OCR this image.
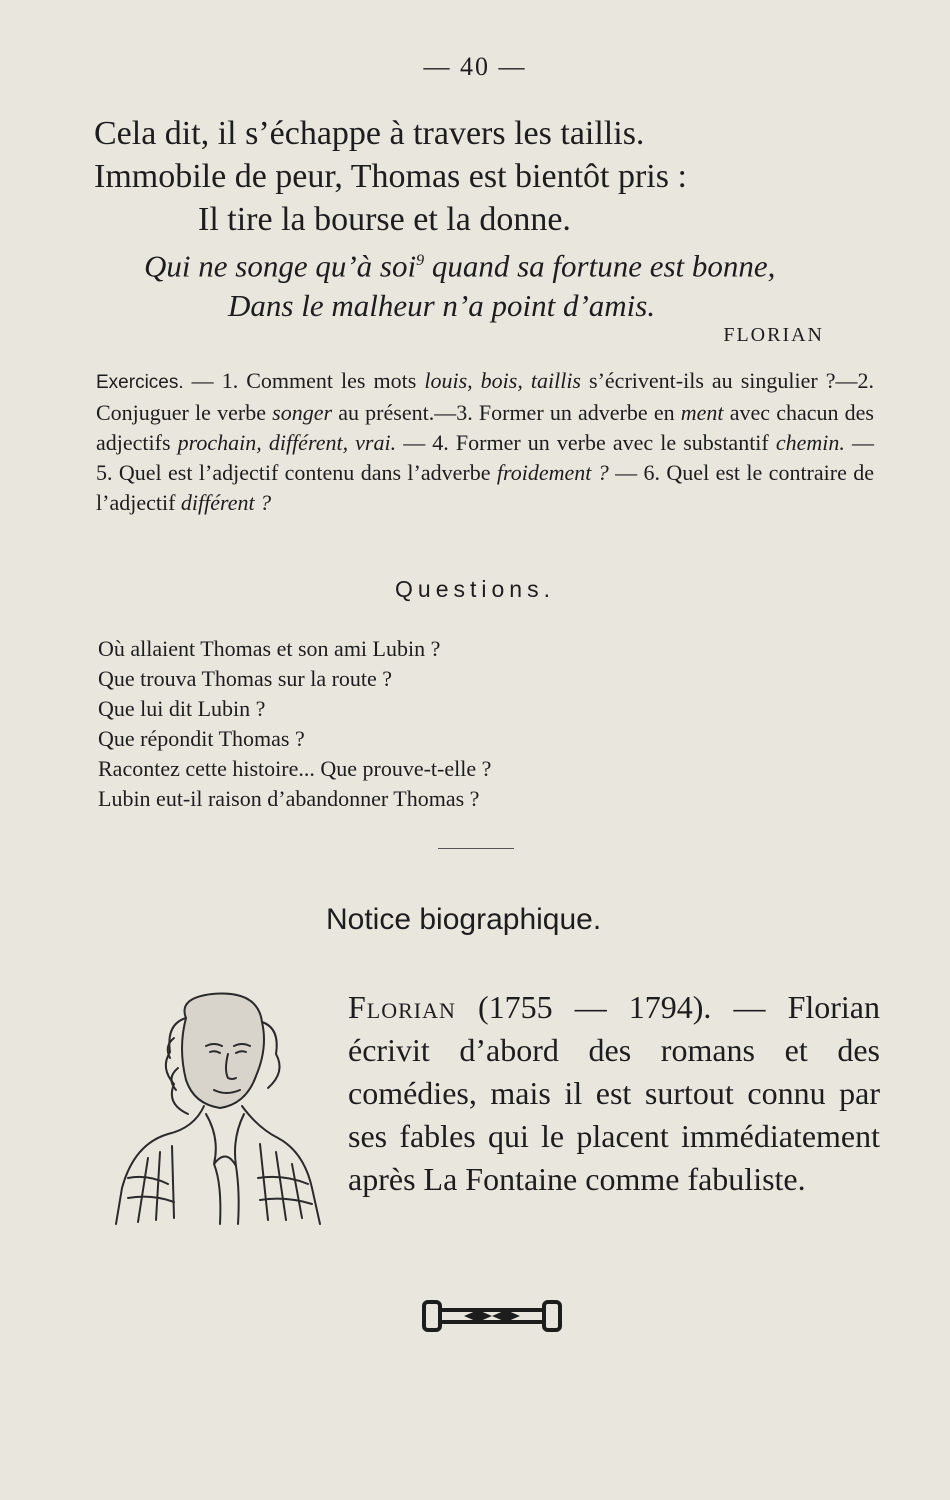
— 40 —
Cela dit, il s’échappe à travers les taillis.
Immobile de peur, Thomas est bientôt pris :
Il tire la bourse et la donne.
Qui ne songe qu’à soi$^9$ quand sa fortune est bonne,
Dans le malheur n’a point d’amis.
FLORIAN
Exercices. — 1. Comment les mots louis, bois, taillis s’écrivent-ils au singulier ?—2. Conjuguer le verbe songer au présent.—3. Former un adverbe en ment avec chacun des adjectifs prochain, différent, vrai. — 4. Former un verbe avec le substantif chemin. — 5. Quel est l’adjectif contenu dans l’adverbe froidement ? — 6. Quel est le contraire de l’adjectif différent ?
Questions.
Où allaient Thomas et son ami Lubin ?
Que trouva Thomas sur la route ?
Que lui dit Lubin ?
Que répondit Thomas ?
Racontez cette histoire... Que prouve-t-elle ?
Lubin eut-il raison d’abandonner Thomas ?
Notice biographique.
Florian (1755 — 1794). — Florian écrivit d’abord des romans et des comédies, mais il est surtout connu par ses fables qui le placent immédiatement après La Fontaine comme fabuliste.
